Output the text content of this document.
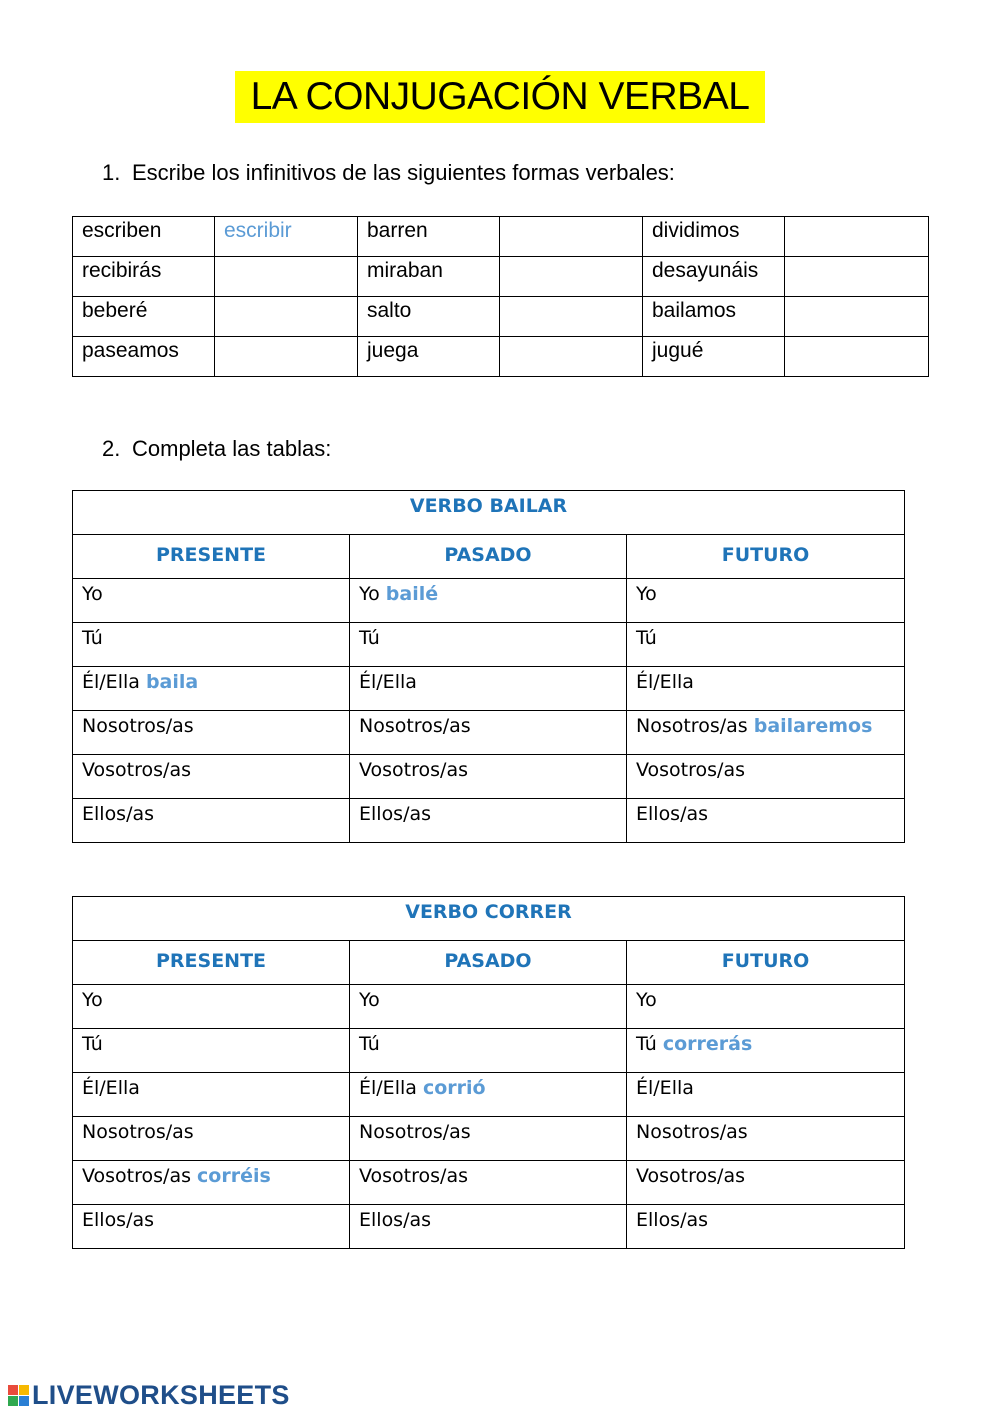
LA CONJUGACIÓN VERBAL
1. Escribe los infinitivos de las siguientes formas verbales:
escriben	escribir	barren		dividimos	
recibirás		miraban		desayunáis	
beberé		salto		bailamos	
paseamos		juega		jugué	
2. Completa las tablas:
VERBO BAILAR		
PRESENTE	PASADO	FUTURO
Yo	Yo bailé	Yo
Tú	Tú	Tú
Él/Ella baila	Él/Ella	Él/Ella
Nosotros/as	Nosotros/as	Nosotros/as bailaremos
Vosotros/as	Vosotros/as	Vosotros/as
Ellos/as	Ellos/as	Ellos/as
VERBO CORRER		
PRESENTE	PASADO	FUTURO
Yo	Yo	Yo
Tú	Tú	Tú correrás
Él/Ella	Él/Ella corrió	Él/Ella
Nosotros/as	Nosotros/as	Nosotros/as
Vosotros/as corréis	Vosotros/as	Vosotros/as
Ellos/as	Ellos/as	Ellos/as
LIVEWORKSHEETS
